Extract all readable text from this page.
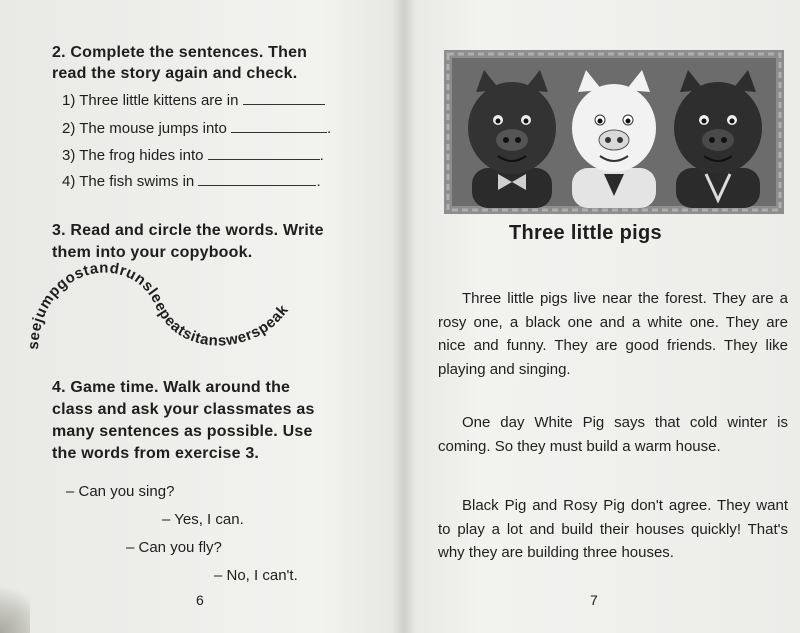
2. Complete the sentences. Then

read the story again and check.

1) Three little kittens are in
2) The mouse jumps into	.
3) The frog hides into	.
4) The fish swims in	.

3. Read and circle the words. Write

them into your copybook.

seejumpgostandrunsleepeatsitanswerspeak

4. Game time. Walk around the

class and ask your classmates as

many sentences as possible. Use

the words from exercise 3.

– Can you sing?
– Yes, I can.
– Can you fly?
– No, I can't.
6
Three little pigs

Three little pigs live near the forest. They are a rosy one, a black one and a white one. They are nice and funny. They are good friends. They like playing and singing.

One day White Pig says that cold winter is coming. So they must build a warm house.

Black Pig and Rosy Pig don't agree. They want to play a lot and build their houses quickly! That's why they are building three houses.

7
